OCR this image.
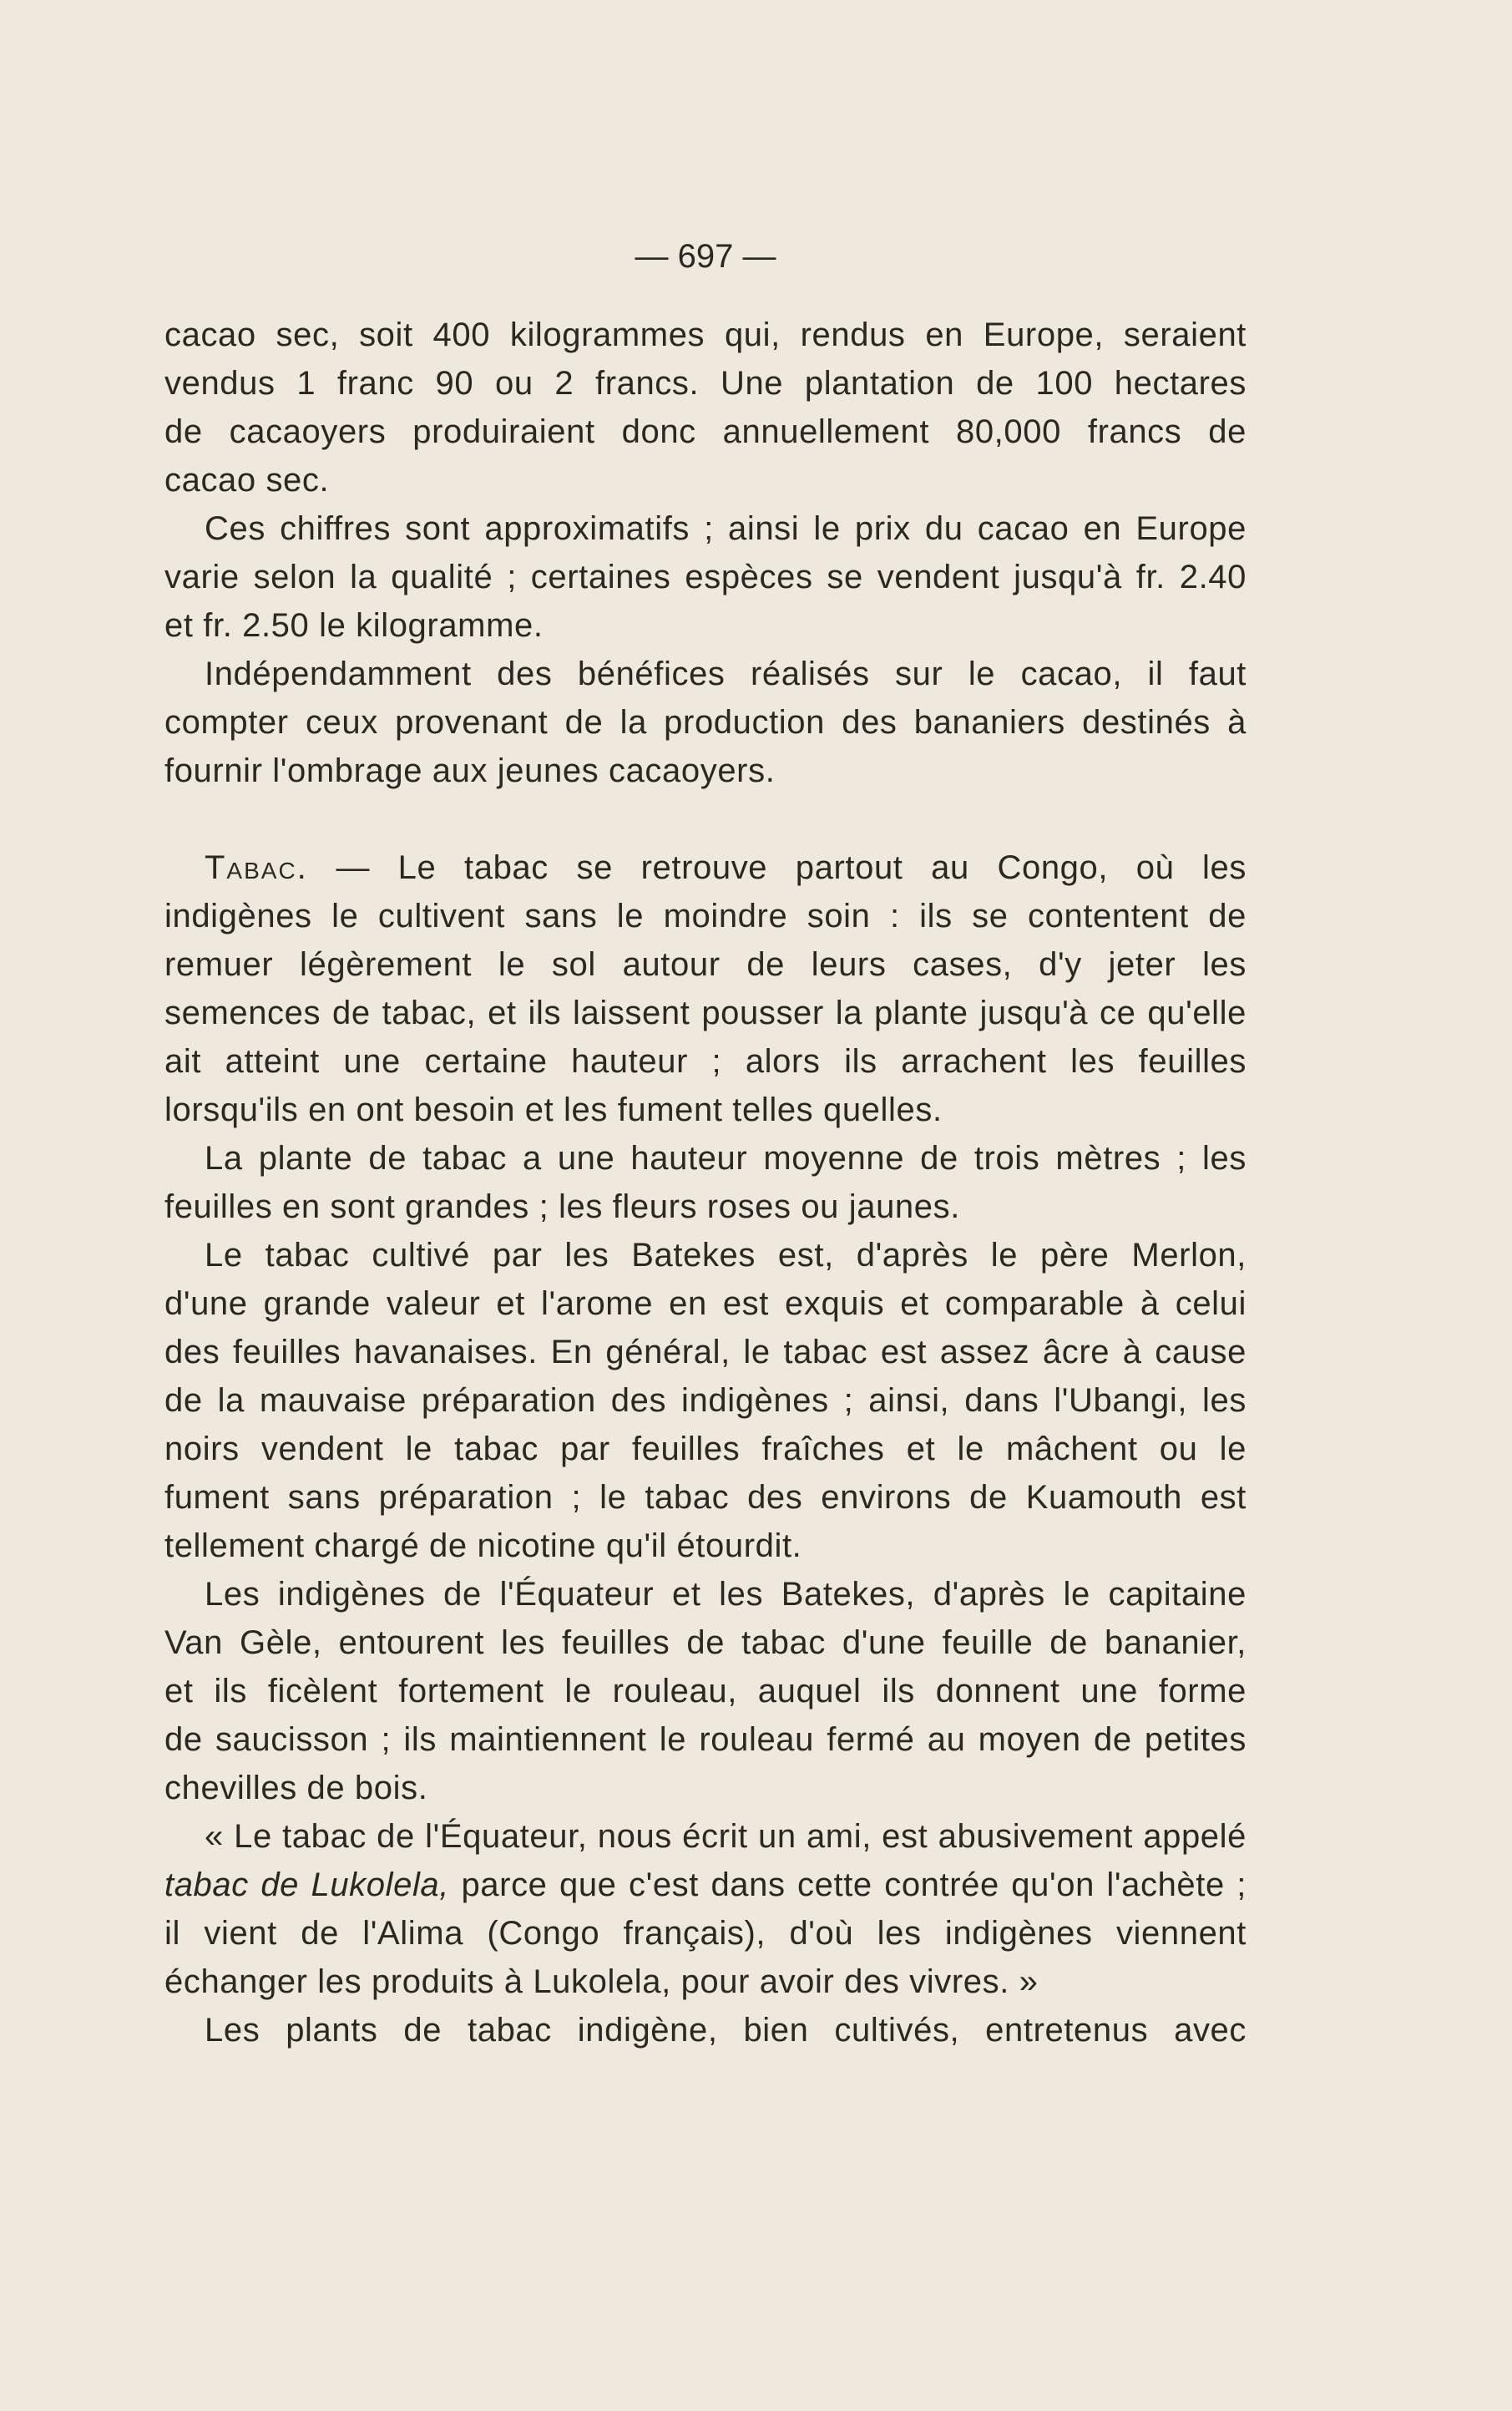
— 697 —
cacao sec, soit 400 kilogrammes qui, rendus en Europe, seraient
vendus 1 franc 90 ou 2 francs. Une plantation de 100 hectares
de cacaoyers produiraient donc annuellement 80,000 francs de
cacao sec.
Ces chiffres sont approximatifs ; ainsi le prix du cacao en Europe
varie selon la qualité ; certaines espèces se vendent jusqu'à fr. 2.40
et fr. 2.50 le kilogramme.
Indépendamment des bénéfices réalisés sur le cacao, il faut
compter ceux provenant de la production des bananiers destinés à
fournir l'ombrage aux jeunes cacaoyers.
Tabac. — Le tabac se retrouve partout au Congo, où les
indigènes le cultivent sans le moindre soin : ils se contentent de
remuer légèrement le sol autour de leurs cases, d'y jeter les
semences de tabac, et ils laissent pousser la plante jusqu'à ce qu'elle
ait atteint une certaine hauteur ; alors ils arrachent les feuilles
lorsqu'ils en ont besoin et les fument telles quelles.
La plante de tabac a une hauteur moyenne de trois mètres ; les
feuilles en sont grandes ; les fleurs roses ou jaunes.
Le tabac cultivé par les Batekes est, d'après le père Merlon,
d'une grande valeur et l'arome en est exquis et comparable à celui
des feuilles havanaises. En général, le tabac est assez âcre à cause
de la mauvaise préparation des indigènes ; ainsi, dans l'Ubangi, les
noirs vendent le tabac par feuilles fraîches et le mâchent ou le
fument sans préparation ; le tabac des environs de Kuamouth est
tellement chargé de nicotine qu'il étourdit.
Les indigènes de l'Équateur et les Batekes, d'après le capitaine
Van Gèle, entourent les feuilles de tabac d'une feuille de bananier,
et ils ficèlent fortement le rouleau, auquel ils donnent une forme
de saucisson ; ils maintiennent le rouleau fermé au moyen de petites
chevilles de bois.
« Le tabac de l'Équateur, nous écrit un ami, est abusivement appelé
tabac de Lukolela, parce que c'est dans cette contrée qu'on l'achète ;
il vient de l'Alima (Congo français), d'où les indigènes viennent
échanger les produits à Lukolela, pour avoir des vivres. »
Les plants de tabac indigène, bien cultivés, entretenus avec
